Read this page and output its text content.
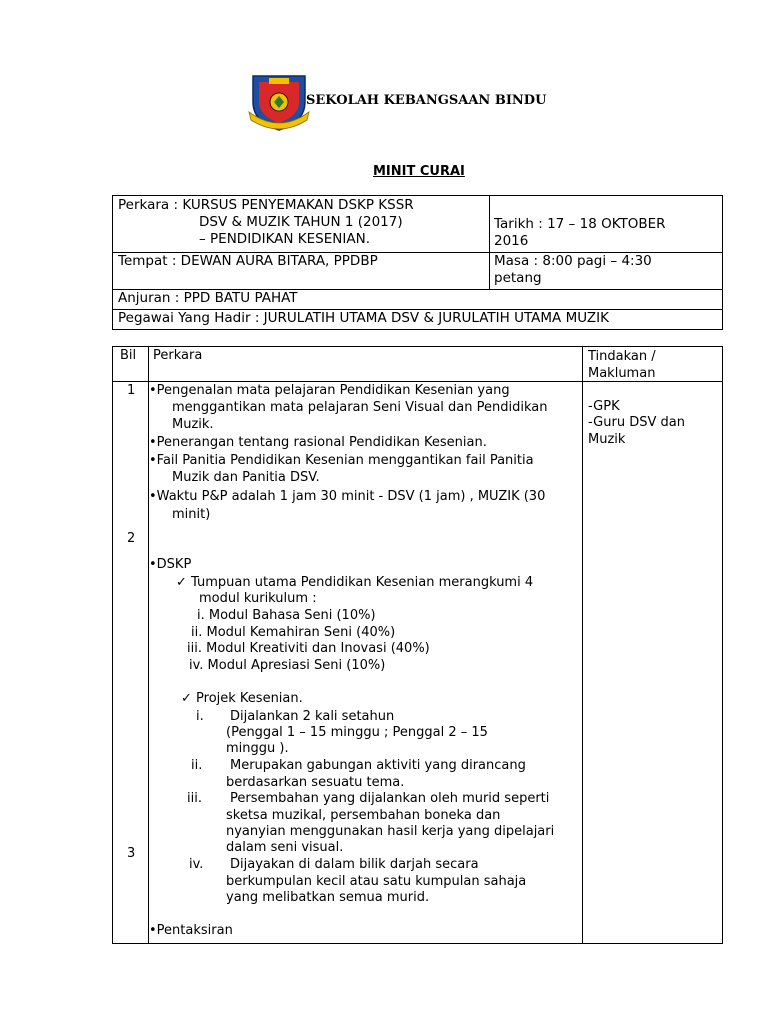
SEKOLAH KEBANGSAAN BINDU
MINIT CURAI
Perkara : KURSUS PENYEMAKAN DSKP KSSR
DSV & MUZIK TAHUN 1 (2017)
– PENDIDIKAN KESENIAN.
Tarikh : 17 – 18 OKTOBER
2016
Tempat : DEWAN AURA BITARA, PPDBP	Masa : 8:00 pagi – 4:30
petang
Anjuran : PPD BATU PAHAT
Pegawai Yang Hadir : JURULATIH UTAMA DSV & JURULATIH UTAMA MUZIK
Bil Perkara	Tindakan /
Makluman
1
2
3
•Pengenalan mata pelajaran Pendidikan Kesenian yang
menggantikan mata pelajaran Seni Visual dan Pendidikan
Muzik.
•Penerangan tentang rasional Pendidikan Kesenian.
•Fail Panitia Pendidikan Kesenian menggantikan fail Panitia
Muzik dan Panitia DSV.
•Waktu P&P adalah 1 jam 30 minit - DSV (1 jam) , MUZIK (30
minit)
-GPK
-Guru DSV dan
Muzik
•DSKP
✓ Tumpuan utama Pendidikan Kesenian merangkumi 4
modul kurikulum :
i. Modul Bahasa Seni (10%)
ii. Modul Kemahiran Seni (40%)
iii. Modul Kreativiti dan Inovasi (40%)
iv. Modul Apresiasi Seni (10%)
✓ Projek Kesenian.
i. Dijalankan 2 kali setahun
(Penggal 1 – 15 minggu ; Penggal 2 – 15
minggu ).
ii. Merupakan gabungan aktiviti yang dirancang
berdasarkan sesuatu tema.
iii. Persembahan yang dijalankan oleh murid seperti
sketsa muzikal, persembahan boneka dan
nyanyian menggunakan hasil kerja yang dipelajari
dalam seni visual.
iv. Dijayakan di dalam bilik darjah secara
berkumpulan kecil atau satu kumpulan sahaja
yang melibatkan semua murid.
•Pentaksiran
